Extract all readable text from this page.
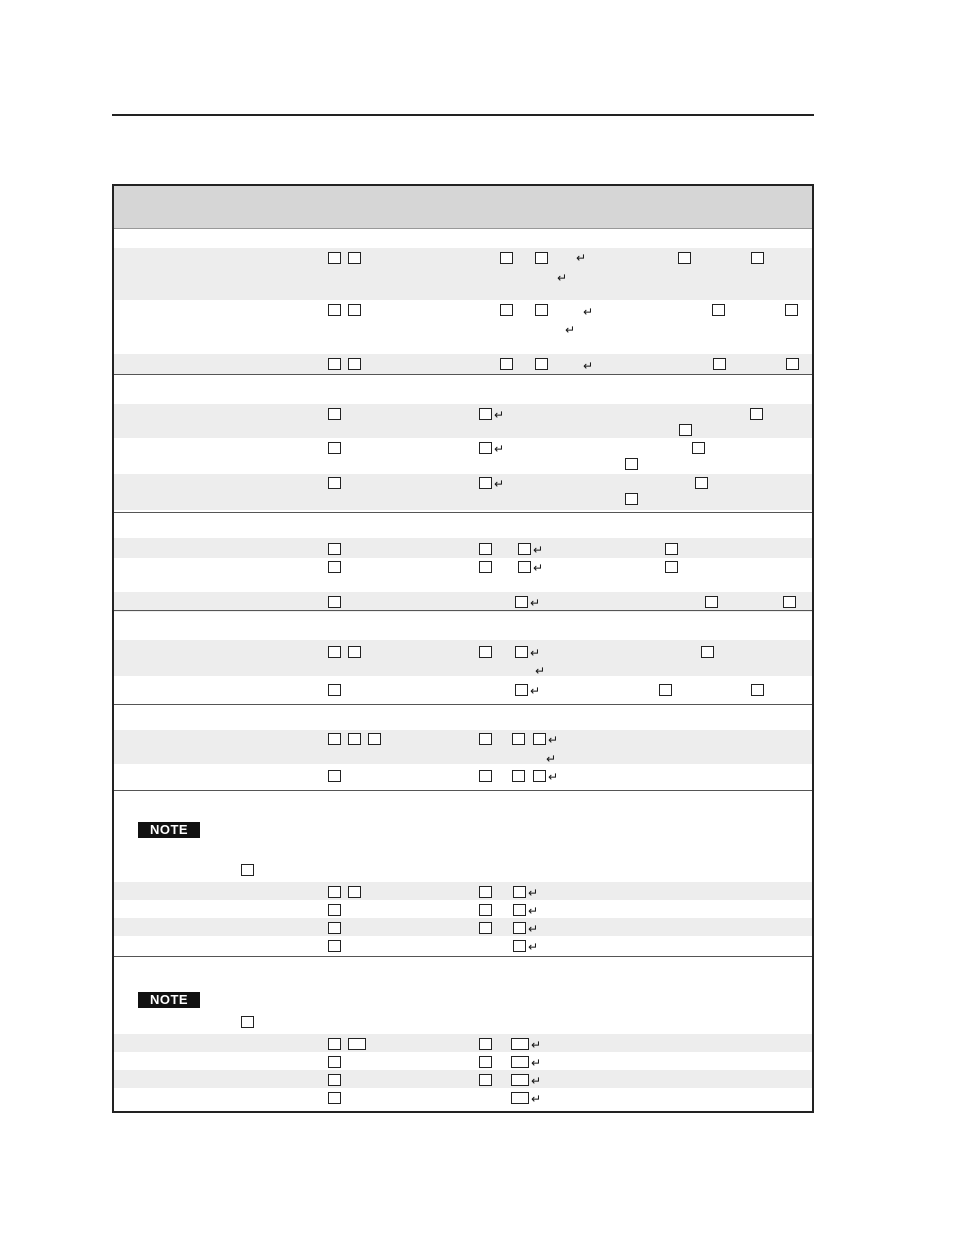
NOTE
NOTE
↵
↵
↵
↵
↵
↵
↵
↵
↵
↵
↵
↵
↵
↵
↵
↵
↵
↵
↵
↵
↵
↵
↵
↵
↵
